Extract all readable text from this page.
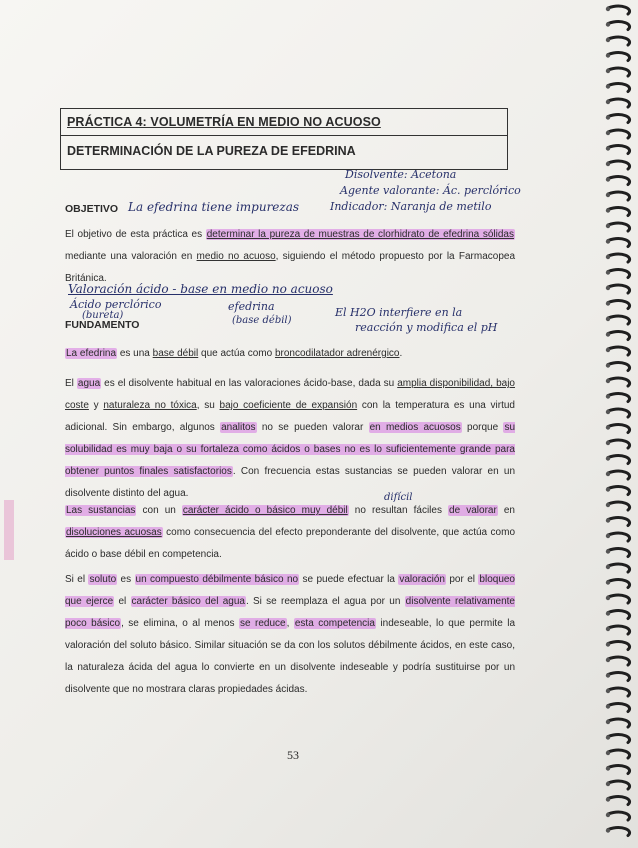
PRÁCTICA 4: VOLUMETRÍA EN MEDIO NO ACUOSO
DETERMINACIÓN DE LA PUREZA DE EFEDRINA
Disolvente: Acetona
Agente valorante: Ác. perclórico
Indicador: Naranja de metilo
OBJETIVO La efedrina tiene impurezas
El objetivo de esta práctica es determinar la pureza de muestras de clorhidrato de efedrina sólidas mediante una valoración en medio no acuoso, siguiendo el método propuesto por la Farmacopea Británica.
Valoración ácido - base en medio no acuoso
Ácido perclórico
(bureta)
efedrina
(base débil)
El H2O interfiere en la
reacción y modifica el pH
FUNDAMENTO
La efedrina es una base débil que actúa como broncodilatador adrenérgico.
El agua es el disolvente habitual en las valoraciones ácido-base, dada su amplia disponibilidad, bajo coste y naturaleza no tóxica, su bajo coeficiente de expansión con la temperatura es una virtud adicional. Sin embargo, algunos analitos no se pueden valorar en medios acuosos porque su solubilidad es muy baja o su fortaleza como ácidos o bases no es lo suficientemente grande para obtener puntos finales satisfactorios. Con frecuencia estas sustancias se pueden valorar en un disolvente distinto del agua.	difícil
Las sustancias con un carácter ácido o básico muy débil no resultan fáciles de valorar en disoluciones acuosas como consecuencia del efecto preponderante del disolvente, que actúa como ácido o base débil en competencia.
Si el soluto es un compuesto débilmente básico no se puede efectuar la valoración por el bloqueo que ejerce el carácter básico del agua. Si se reemplaza el agua por un disolvente relativamente poco básico, se elimina, o al menos se reduce, esta competencia indeseable, lo que permite la valoración del soluto básico. Similar situación se da con los solutos débilmente ácidos, en este caso, la naturaleza ácida del agua lo convierte en un disolvente indeseable y podría sustituirse por un disolvente que no mostrara claras propiedades ácidas.
53
